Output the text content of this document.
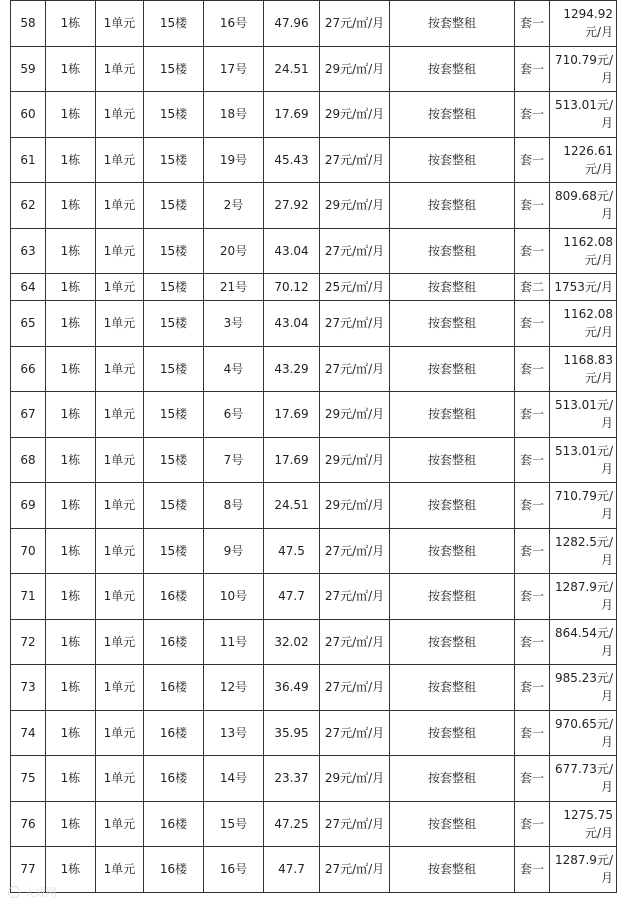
58	1栋	1单元	15楼	16号	47.96	27元/㎡/月	按套整租	套一	1294.92元/月
59	1栋	1单元	15楼	17号	24.51	29元/㎡/月	按套整租	套一	710.79元/月
60	1栋	1单元	15楼	18号	17.69	29元/㎡/月	按套整租	套一	513.01元/月
61	1栋	1单元	15楼	19号	45.43	27元/㎡/月	按套整租	套一	1226.61元/月
62	1栋	1单元	15楼	2号	27.92	29元/㎡/月	按套整租	套一	809.68元/月
63	1栋	1单元	15楼	20号	43.04	27元/㎡/月	按套整租	套一	1162.08元/月
64	1栋	1单元	15楼	21号	70.12	25元/㎡/月	按套整租	套二	1753元/月
65	1栋	1单元	15楼	3号	43.04	27元/㎡/月	按套整租	套一	1162.08元/月
66	1栋	1单元	15楼	4号	43.29	27元/㎡/月	按套整租	套一	1168.83元/月
67	1栋	1单元	15楼	6号	17.69	29元/㎡/月	按套整租	套一	513.01元/月
68	1栋	1单元	15楼	7号	17.69	29元/㎡/月	按套整租	套一	513.01元/月
69	1栋	1单元	15楼	8号	24.51	29元/㎡/月	按套整租	套一	710.79元/月
70	1栋	1单元	15楼	9号	47.5	27元/㎡/月	按套整租	套一	1282.5元/月
71	1栋	1单元	16楼	10号	47.7	27元/㎡/月	按套整租	套一	1287.9元/月
72	1栋	1单元	16楼	11号	32.02	27元/㎡/月	按套整租	套一	864.54元/月
73	1栋	1单元	16楼	12号	36.49	27元/㎡/月	按套整租	套一	985.23元/月
74	1栋	1单元	16楼	13号	35.95	27元/㎡/月	按套整租	套一	970.65元/月
75	1栋	1单元	16楼	14号	23.37	29元/㎡/月	按套整租	套一	677.73元/月
76	1栋	1单元	16楼	15号	47.25	27元/㎡/月	按套整租	套一	1275.75元/月
77	1栋	1单元	16楼	16号	47.7	27元/㎡/月	按套整租	套一	1287.9元/月
大成网
